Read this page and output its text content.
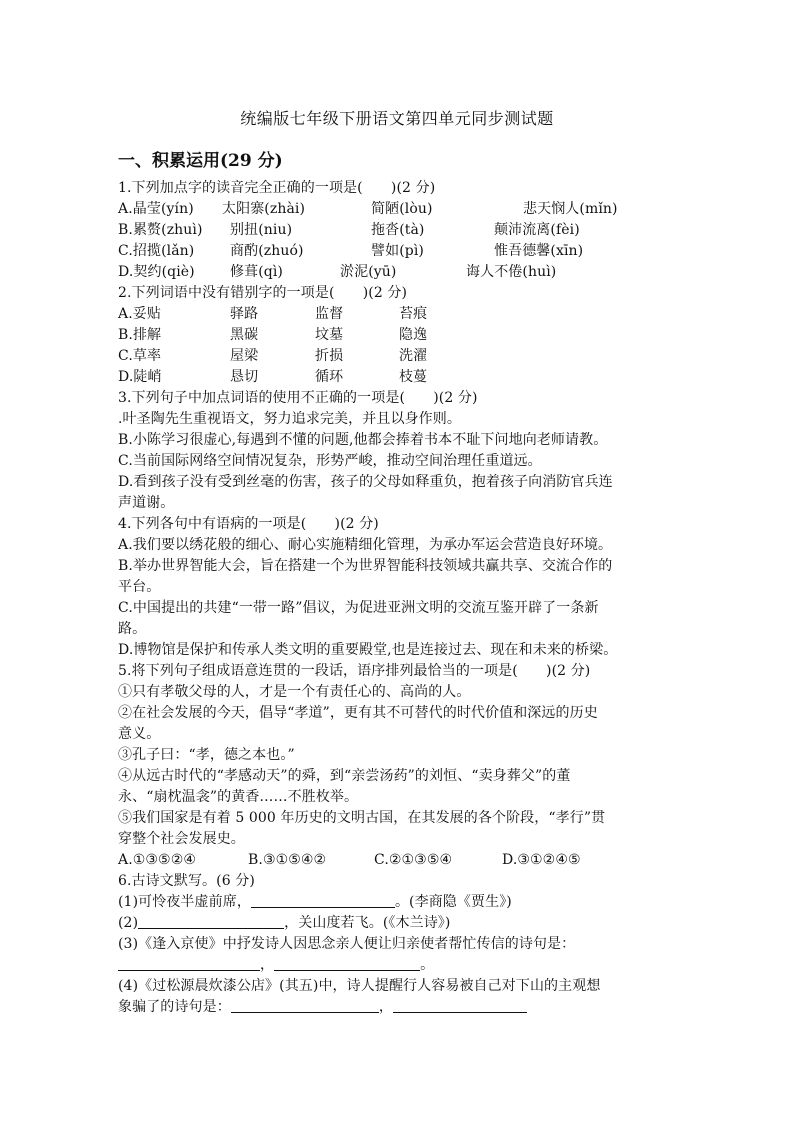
统编版七年级下册语文第四单元同步测试题
一、积累运用(29 分)
1.下列加点字的读音完全正确的一项是(　　)(2 分)
A.晶莹(yín) 太阳寨(zhài)	简陋(lòu)	悲天悯人(mǐn)
B.累赘(zhuì) 别扭(niu)	拖沓(tà)	颠沛流离(fèi)
C.招揽(lǎn)	商酌(zhuó)	譬如(pì)	惟吾德馨(xīn)
D.契约(qiè)	修葺(qì)	淤泥(yū)	诲人不倦(huì)
2.下列词语中没有错别字的一项是(　　)(2 分)
A.妥贴	驿路	监督	苔痕
B.排解	黑碳	坟墓	隐逸
C.草率	屋梁	折损	洗濯
D.陡峭	恳切	循环	枝蔓
3.下列句子中加点词语的使用不正确的一项是(　　)(2 分)
.叶圣陶先生重视语文，努力追求完美，并且以身作则。
B.小陈学习很虚心,每遇到不懂的问题,他都会捧着书本不耻下问地向老师请教。
C.当前国际网络空间情况复杂，形势严峻，推动空间治理任重道远。
D.看到孩子没有受到丝毫的伤害，孩子的父母如释重负，抱着孩子向消防官兵连
声道谢。
4.下列各句中有语病的一项是(　　)(2 分)
A.我们要以绣花般的细心、耐心实施精细化管理，为承办军运会营造良好环境。
B.举办世界智能大会，旨在搭建一个为世界智能科技领域共赢共享、交流合作的
平台。
C.中国提出的共建“一带一路”倡议，为促进亚洲文明的交流互鉴开辟了一条新
路。
D.博物馆是保护和传承人类文明的重要殿堂,也是连接过去、现在和未来的桥梁。
5.将下列句子组成语意连贯的一段话，语序排列最恰当的一项是(　　)(2 分)
①只有孝敬父母的人，才是一个有责任心的、高尚的人。
②在社会发展的今天，倡导“孝道”，更有其不可替代的时代价值和深远的历史
意义。
③孔子曰：“孝，德之本也。”
④从远古时代的“孝感动天”的舜，到“亲尝汤药”的刘恒、“卖身葬父”的董
永、“扇枕温衾”的黄香……不胜枚举。
⑤我们国家是有着 5 000 年历史的文明古国，在其发展的各个阶段，“孝行”贯
穿整个社会发展史。
A.①③⑤②④	B.③①⑤④②	C.②①③⑤④	D.③①②④⑤
6.古诗文默写。(6 分)
(1)可怜夜半虚前席，	。(李商隐《贾生》)
(2)	，关山度若飞。(《木兰诗》)
(3)《逢入京使》中抒发诗人因思念亲人便让归亲使者帮忙传信的诗句是：
，	。
(4)《过松源晨炊漆公店》(其五)中，诗人提醒行人容易被自己对下山的主观想
象骗了的诗句是：	，
